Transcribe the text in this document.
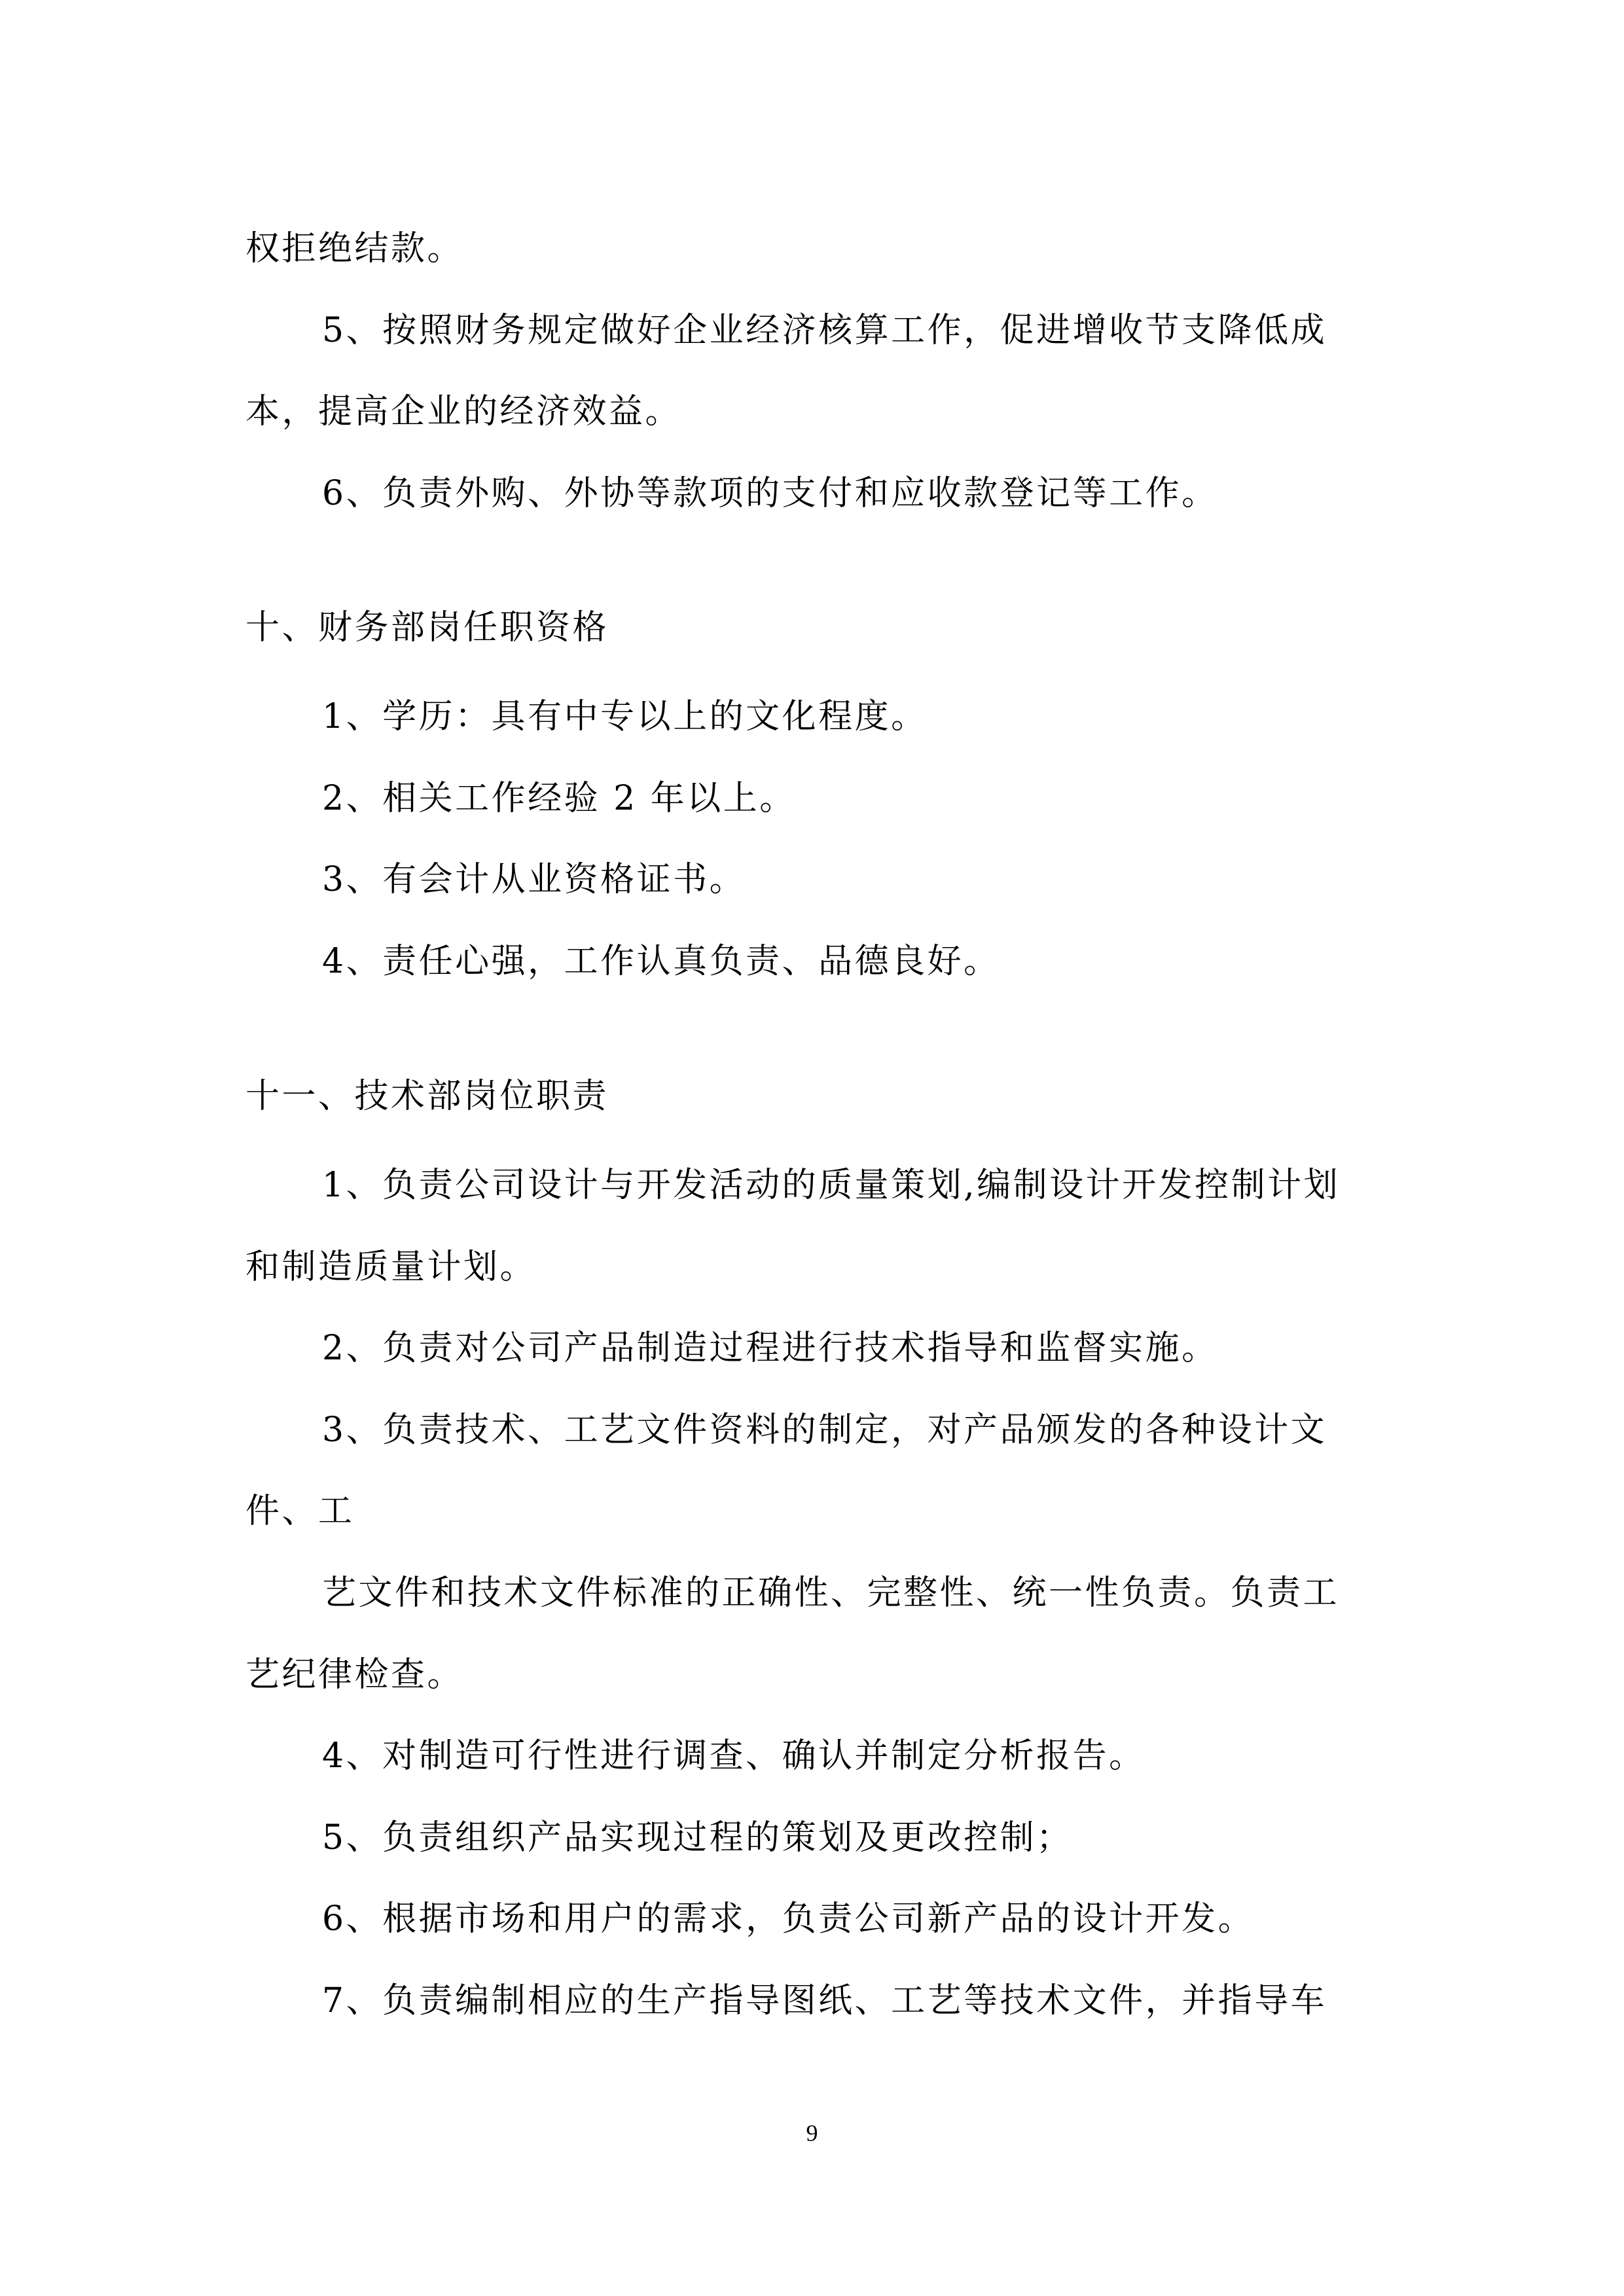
权拒绝结款。
5、按照财务规定做好企业经济核算工作，促进增收节支降低成
本，提高企业的经济效益。
6、负责外购、外协等款项的支付和应收款登记等工作。
十、财务部岗任职资格
1、学历：具有中专以上的文化程度。
2、相关工作经验 2 年以上。
3、有会计从业资格证书。
4、责任心强，工作认真负责、品德良好。
十一、技术部岗位职责
1、负责公司设计与开发活动的质量策划,编制设计开发控制计划
和制造质量计划。
2、负责对公司产品制造过程进行技术指导和监督实施。
3、负责技术、工艺文件资料的制定，对产品颁发的各种设计文
件、工
艺文件和技术文件标准的正确性、完整性、统一性负责。负责工
艺纪律检查。
4、对制造可行性进行调查、确认并制定分析报告。
5、负责组织产品实现过程的策划及更改控制；
6、根据市场和用户的需求，负责公司新产品的设计开发。
7、负责编制相应的生产指导图纸、工艺等技术文件，并指导车
9
